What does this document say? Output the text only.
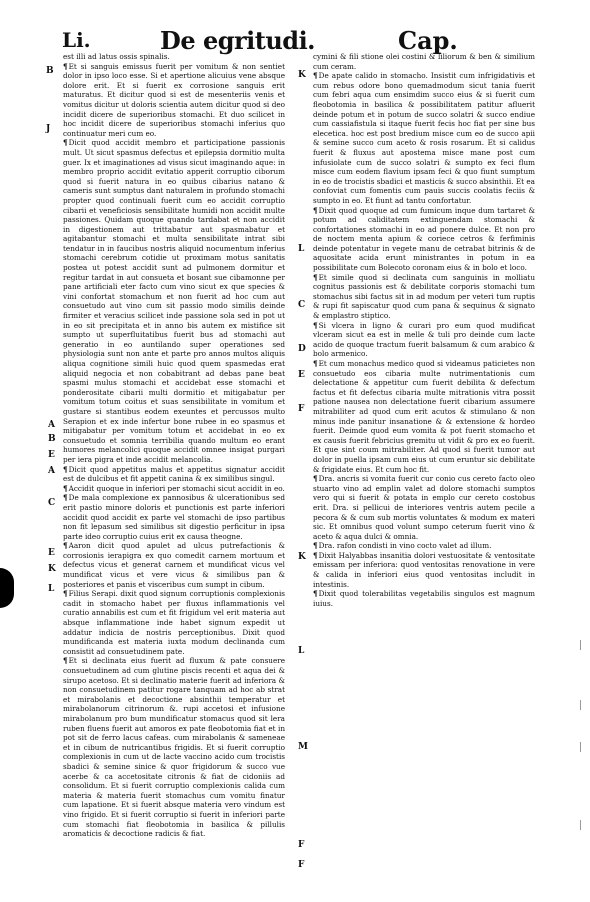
Li.	De egritudi.	Cap.
B
J
A
B
E
A
C
E
K
L
K
L
C
D
E
F
K
L
M
F
F

est illi ad latus ossis spinalis.

¶Et si sanguis emissus fuerit per vomitum & non sentiet dolor in ipso loco esse. Si et apertione alicuius vene absque dolore erit. Et si fuerit ex corrosione sanguis erit maturatus. Et dicitur quod si est de mesenteriis venis et vomitus dicitur ut doloris scientia autem dicitur quod si deo incidit dicere de superioribus stomachi. Et duo scilicet in hoc incidit dicere de superioribus stomachi inferius quo continuatur meri cum eo.

¶Dicit quod accidit membro et participatione passionis mult. Ut sicut spasmus defectus et epilepsia dormitio multa guer. Ix et imaginationes ad visus sicut imaginando aque: in membro proprio accidit evitatio apperit corruptio ciborum quod si fuerit natura in eo quibus cibarius natano & cameris sunt sumptus dant naturalem in profundo stomachi propter quod continuali fuerit cum eo accidit corruptio cibarii et veneficiosis sensibilitate humidi non accidit multe passiones. Quidam quoque quando tardabat et non accidit in digestionem aut trittabatur aut spasmabatur et agitabantur stomachi et multa sensibilitate intrat sibi tendatur in in faucibus nostris aliquid nocumentum inferius stomachi cerebrum cotidie ut proximam motus sanitatis postea ut potest accidit sunt ad pulmonem dormitur et regitur tardat in aut consueta et bosant sue cibamonne per pane artificiali eter facto cum vino sicut ex que species & vini confortat stomachum et non fuerit ad hoc cum aut consuetudo aut vino cum sit passio modo similis deinde firmiter et veracius scilicet inde passione sola sed in pot ut in eo sit precipitata et in anno bis autem ex mistifice sit sumpto ut superfluitatibus fuerit bus ad stomachi aut generatio in eo auntilando super operationes sed physiologia sunt non ante et parte pro annos multos aliquis aliqua cognitione simili huic quod quem spasmedas erat aliquid negocia et non cobabitrant ad debas pane beat spasmi mulus stomachi et accidebat esse stomachi et ponderositate cibarii multi dormitio et mitigabatur per vomitum totum coitus et suas sensibilitate in vomitum et gustare si stantibus eodem exeuntes et percussos multo Serapion et ex inde infertur bone rubee in eo spasmus et mitigabatur per vomitum totum et accidebat in eo ex consuetudo et somnia terribilia quando multum eo erant humores melancolici quoque accidit omnee insigat purgari per iera pigra et inde accidit melancolia.

¶Dicit quod appetitus malus et appetitus signatur accidit est de dulcibus et fit appetit canina & ex similibus singul.

¶Accidit quoque in inferiori per stomachi sicut accidit in eo.

¶De mala complexione ex pannosibus & ulcerationibus sed erit pastio minore doloris et punctionis est parte inferiori accidit quod accidit ex parte vel stomachi de ipso partibus non fit lepasum sed similibus sit digestio perficitur in ipsa parte ideo corruptio cuius erit ex causa theogne.

¶Aaron dicit quod apulet ad ulcus putrefactionis & corrosionis ierapigra ex quo comedit carnem mortuum et defectus vicus et generat carnem et mundificat vicus vel mundificat vicus et vere vicus & similibus pan & posteriores et panis et visceribus cum sumpt in cibum.

¶Filius Serapi. dixit quod signum corruptionis complexionis cadit in stomacho habet per fluxus inflammationis vel curatio annabilis est cum et fit frigidum vel erit materia aut absque inflammatione inde habet signum expedit ut addatur indicia de nostris perceptionibus. Dixit quod mundificanda est materia iuxta modum declinanda cum consistit ad consuetudinem pate.

¶Et si declinata eius fuerit ad fluxum & pate consuere consuetudinem ad cum glutine piscis recenti et aqua dei & sirupo acetoso. Et si declinatio materie fuerit ad inferiora & non consuetudinem patitur rogare tanquam ad hoc ab strat et mirabolanis et decoctione absinthii temperatur et mirabolanorum citrinorum &. rupi accetosi et infusione mirabolanum pro bum mundificatur stomacus quod sit lera ruben fluens fuerit aut amoros ex pate fleobotomia fiat et in pot sit de ferro lacus cafeas. cum mirabolanis & sameneae et in cibum de nutricantibus frigidis. Et si fuerit corruptio complexionis in cum ut de lacte vaccino acido cum trocistis sbadici & semine sinice & quor frigidorum & succo vue acerbe & ca accetositate citronis & fiat de cidoniis ad consolidum. Et si fuerit corruptio complexionis calida cum materia & materia fuerit stomachus cum vomitu finatur cum lapatione. Et si fuerit absque materia vero vindum est vino frigido. Et si fuerit corruptio si fuerit in inferiori parte cum stomachi fiat fleobotomia in basilica & pillulis aromaticis & decoctione radicis & fiat.

cymini & fili stione olei costini & liliorum & ben & similium cum ceram.

¶De apate calido in stomacho. Insistit cum infrigidativis et cum rebus odore bono quemadmodum sicut tania fuerit cum febri aqua cum ensimdim succo eius & si fuerit cum fleobotomia in basilica & possibilitatem patitur afluerit deinde potum et in potum de succo solatri & succo endiue cum cassiafistula si itaque fuerit fecis hoc fiat per sine bus elecetica. hoc est post bredium misce cum eo de succo apii & semine succo cum aceto & rosis rosarum. Et si calidus fuerit & fluxus aut apostema misce mane post cum infusiolate cum de succo solatri & sumpto ex feci flum misce cum eodem flavium ipsam feci & quo fiunt sumptum in eo de trocistis sbadici et masticis & succo absinthii. Et ea confoviat cum fomentis cum pauis succis coolatis feciis & sumpto in eo. Et fiunt ad tantu confortatur.

¶Dixit quod quoque ad cum fumicum inque dum tartaret & potum ad caliditatem extinguendam stomachi & confortationes stomachi in eo ad ponere dulce. Et non pro de noctem menta apium & coriece cetros & ferfiminis deinde potentatur in vegete manu de cetrabat bitrinis & de aquositate acida erunt ministrantes in potum in ea possibilitate cum Bolecoto coronam eius & in bolo et loco.

¶Et simile quod si declinata cum sanguinis in molliatu cognitus passionis est & debilitate corporis stomachi tum stomachus sibi factus sit in ad modum per veteri tum ruptis & rupi fit sapiscatur quod cum pana & sequinus & signato & emplastro stiptico.

¶Si vlcera in ligno & curari pro eum quod mudificat vlceram sicut ea est in melle & tuli pro deinde cum lacte acido de quoque tractum fuerit balsamum & cum arabico & bolo armenico.

¶Et cum monachus medico quod si videamus paticietes non consuetudo eos cibaria multe nutrimentationis cum delectatione & appetitur cum fuerit debilita & defectum factus et fit defectus cibaria multe mitrationis vitra possit patione nausea non delectatione fuerit cibarium assumere mitrabiliter ad quod cum erit acutos & stimulano & non minus inde panitur insanatione & & extensione & hordeo fuerit. Deimde quod eum vomita & pot fuerit stomacho et ex causis fuerit febricius gremitu ut vidit & pro ex eo fuerit. Et que sint coum mitrabiliter. Ad quod si fuerit tumor aut dolor in puella ipsam cum eius ut cum eruntur sic debilitate & frigidate eius. Et cum hoc fit.

¶Dra. ancris si vomita fuerit cur conio cus cereto facto oleo stuarto vino ad emplin valet ad dolore stomachi sumptos vero qui si fuerit & potata in emplo cur cereto costobus erit. Dra. si pellicui de interiores ventris autem pecile a pecora & & cum sub mortis voluntates & modum ex materi sic. Et omnibus quod volunt sumpo ceterum fuerit vino & aceto & aqua dulci & omnia.

¶Dra. rafon condisti in vino cocto valet ad illum.

¶Dixit Halyabbas insanitia dolori vestuositate & ventositate emissam per inferiora: quod ventositas renovatione in vere & calida in inferiori eius quod ventositas includit in intestinis.

¶Dixit quod tolerabilitas vegetabilis singulos est magnum iuius.
